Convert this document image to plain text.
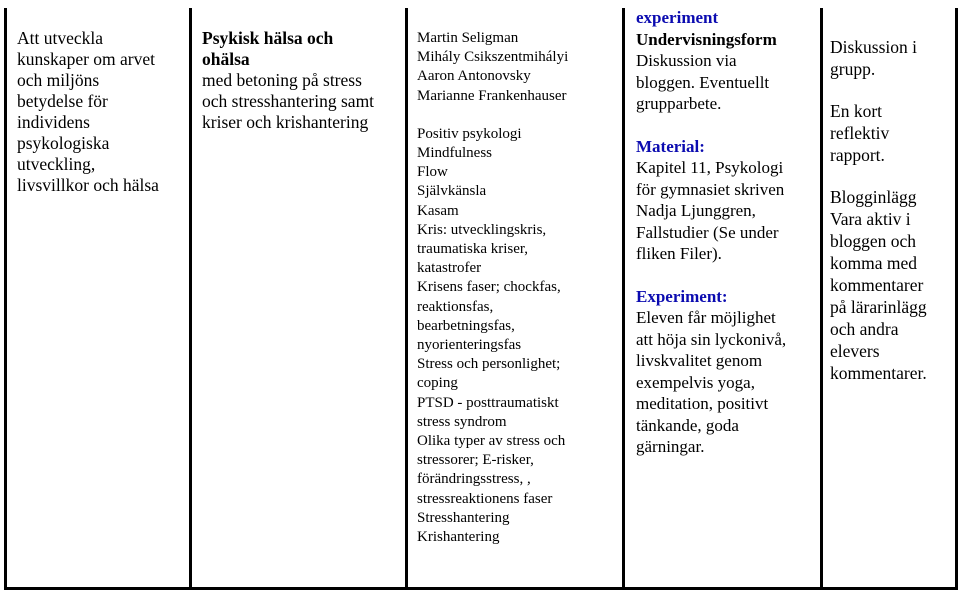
Att utveckla
kunskaper om arvet
och miljöns
betydelse för
individens
psykologiska
utveckling,
livsvillkor och hälsa
Psykisk hälsa och
ohälsa
med betoning på stress
och stresshantering samt
kriser och krishantering
Martin Seligman
Mihály Csikszentmihályi
Aaron Antonovsky
Marianne Frankenhauser
Positiv psykologi
Mindfulness
Flow
Självkänsla
Kasam
Kris: utvecklingskris,
traumatiska kriser,
katastrofer
Krisens faser; chockfas,
reaktionsfas,
bearbetningsfas,
nyorienteringsfas
Stress och personlighet;
coping
PTSD - posttraumatiskt
stress syndrom
Olika typer av stress och
stressorer; E-risker,
förändringsstress, ,
stressreaktionens faser
Stresshantering
Krishantering
experiment
Undervisningsform
Diskussion via
bloggen. Eventuellt
grupparbete.
Material:
Kapitel 11, Psykologi
för gymnasiet skriven
Nadja Ljunggren,
Fallstudier (Se under
fliken Filer).
Experiment:
Eleven får möjlighet
att höja sin lyckonivå,
livskvalitet genom
exempelvis yoga,
meditation, positivt
tänkande, goda
gärningar.
Diskussion i
grupp.
En kort
reflektiv
rapport.
Blogginlägg
Vara aktiv i
bloggen och
komma med
kommentarer
på lärarinlägg
och andra
elevers
kommentarer.
